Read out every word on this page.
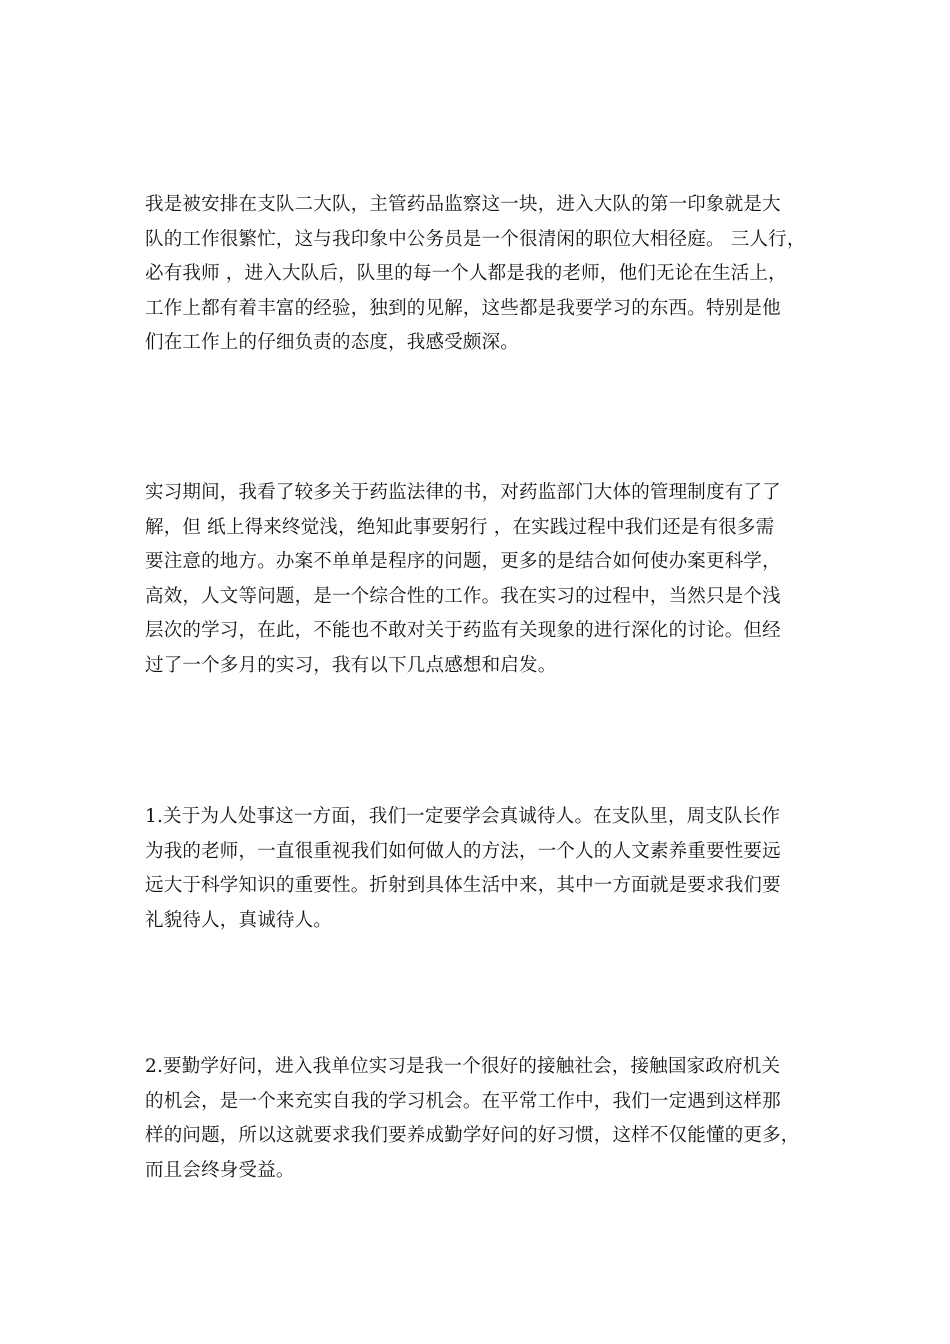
我是被安排在支队二大队，主管药品监察这一块，进入大队的第一印象就是大
队的工作很繁忙，这与我印象中公务员是一个很清闲的职位大相径庭。 三人行，
必有我师 ，进入大队后，队里的每一个人都是我的老师，他们无论在生活上，
工作上都有着丰富的经验，独到的见解，这些都是我要学习的东西。特别是他
们在工作上的仔细负责的态度，我感受颇深。
实习期间，我看了较多关于药监法律的书，对药监部门大体的管理制度有了了
解，但 纸上得来终觉浅，绝知此事要躬行 ，在实践过程中我们还是有很多需
要注意的地方。办案不单单是程序的问题，更多的是结合如何使办案更科学，
高效，人文等问题，是一个综合性的工作。我在实习的过程中，当然只是个浅
层次的学习，在此，不能也不敢对关于药监有关现象的进行深化的讨论。但经
过了一个多月的实习，我有以下几点感想和启发。
1.关于为人处事这一方面，我们一定要学会真诚待人。在支队里，周支队长作
为我的老师，一直很重视我们如何做人的方法，一个人的人文素养重要性要远
远大于科学知识的重要性。折射到具体生活中来，其中一方面就是要求我们要
礼貌待人，真诚待人。
2.要勤学好问，进入我单位实习是我一个很好的接触社会，接触国家政府机关
的机会，是一个来充实自我的学习机会。在平常工作中，我们一定遇到这样那
样的问题，所以这就要求我们要养成勤学好问的好习惯，这样不仅能懂的更多，
而且会终身受益。
